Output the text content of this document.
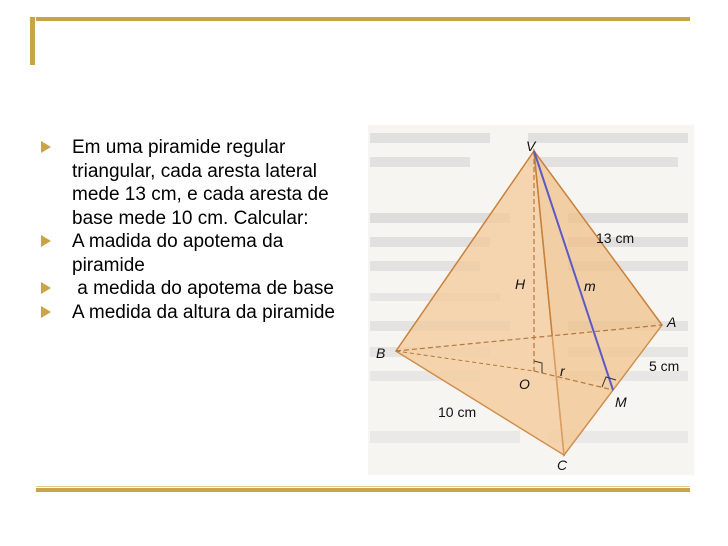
Em uma piramide regular triangular, cada aresta lateral mede 13 cm, e cada aresta de base mede 10 cm. Calcular:
A madida do apotema da piramide
a medida do apotema de base
A medida da altura da piramide
V
A
B
C
M
O
H	m
r
13 cm
5 cm
10 cm
